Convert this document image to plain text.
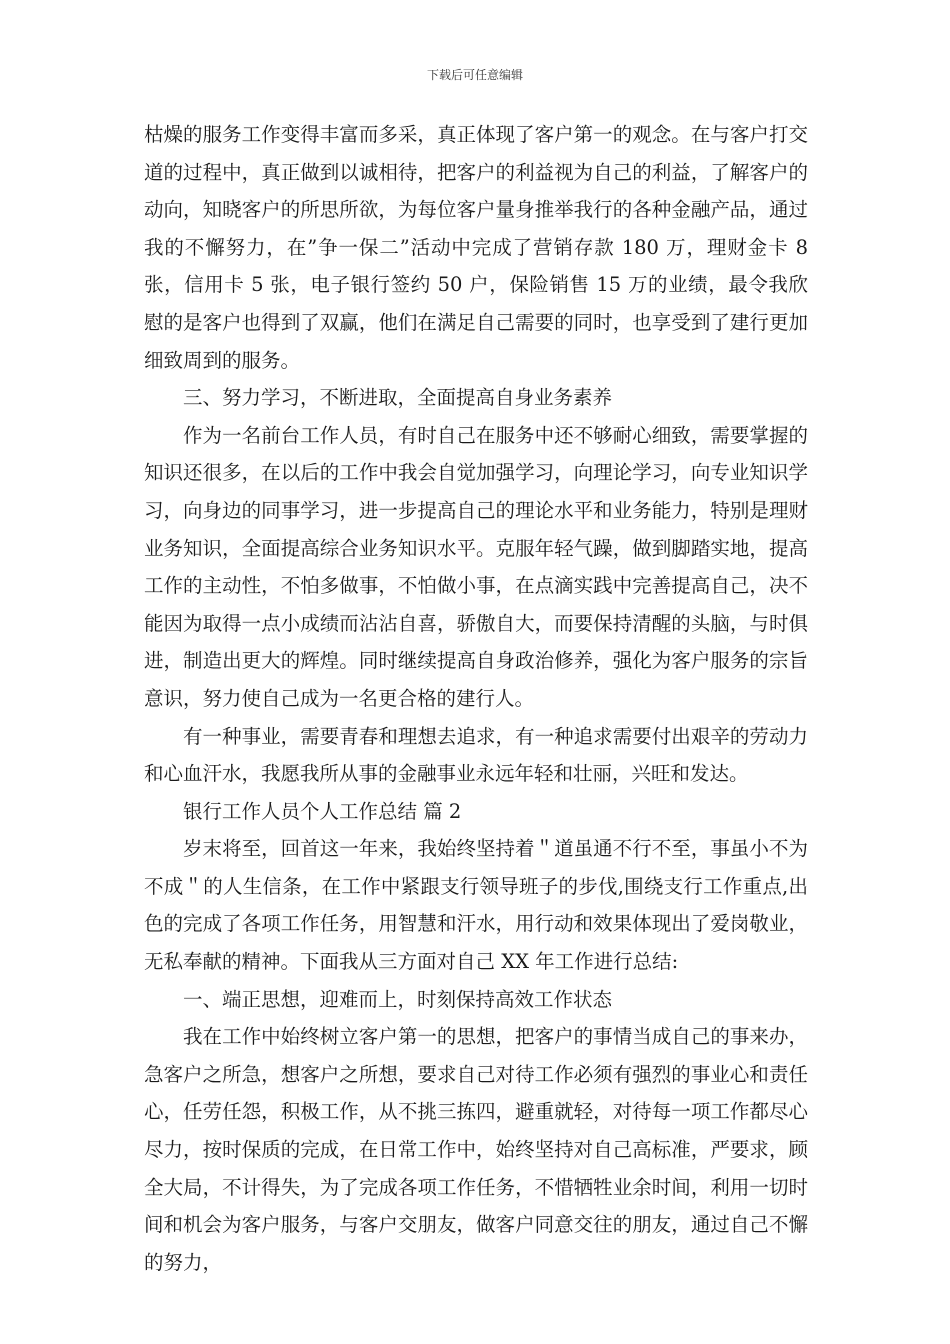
下载后可任意编辑

枯燥的服务工作变得丰富而多采，真正体现了客户第一的观念。在与客户打交道的过程中，真正做到以诚相待，把客户的利益视为自己的利益，了解客户的动向，知晓客户的所思所欲，为每位客户量身推举我行的各种金融产品，通过我的不懈努力，在”争一保二”活动中完成了营销存款 180 万，理财金卡 8 张，信用卡 5 张，电子银行签约 50 户，保险销售 15 万的业绩，最令我欣慰的是客户也得到了双赢，他们在满足自己需要的同时，也享受到了建行更加细致周到的服务。

三、努力学习，不断进取，全面提高自身业务素养

作为一名前台工作人员，有时自己在服务中还不够耐心细致，需要掌握的知识还很多，在以后的工作中我会自觉加强学习，向理论学习，向专业知识学习，向身边的同事学习，进一步提高自己的理论水平和业务能力，特别是理财业务知识，全面提高综合业务知识水平。克服年轻气躁，做到脚踏实地，提高工作的主动性，不怕多做事，不怕做小事，在点滴实践中完善提高自己，决不能因为取得一点小成绩而沾沾自喜，骄傲自大，而要保持清醒的头脑，与时俱进，制造出更大的辉煌。同时继续提高自身政治修养，强化为客户服务的宗旨意识，努力使自己成为一名更合格的建行人。

有一种事业，需要青春和理想去追求，有一种追求需要付出艰辛的劳动力和心血汗水，我愿我所从事的金融事业永远年轻和壮丽，兴旺和发达。

银行工作人员个人工作总结 篇 2

岁末将至，回首这一年来，我始终坚持着＂道虽通不行不至，事虽小不为不成＂的人生信条，在工作中紧跟支行领导班子的步伐,围绕支行工作重点,出色的完成了各项工作任务，用智慧和汗水，用行动和效果体现出了爱岗敬业，无私奉献的精神。下面我从三方面对自己 XX 年工作进行总结:

一、端正思想，迎难而上，时刻保持高效工作状态

我在工作中始终树立客户第一的思想，把客户的事情当成自己的事来办，急客户之所急，想客户之所想，要求自己对待工作必须有强烈的事业心和责任心，任劳任怨，积极工作，从不挑三拣四，避重就轻，对待每一项工作都尽心尽力，按时保质的完成，在日常工作中，始终坚持对自己高标准，严要求，顾全大局，不计得失，为了完成各项工作任务，不惜牺牲业余时间，利用一切时间和机会为客户服务，与客户交朋友，做客户同意交往的朋友，通过自己不懈的努力，
